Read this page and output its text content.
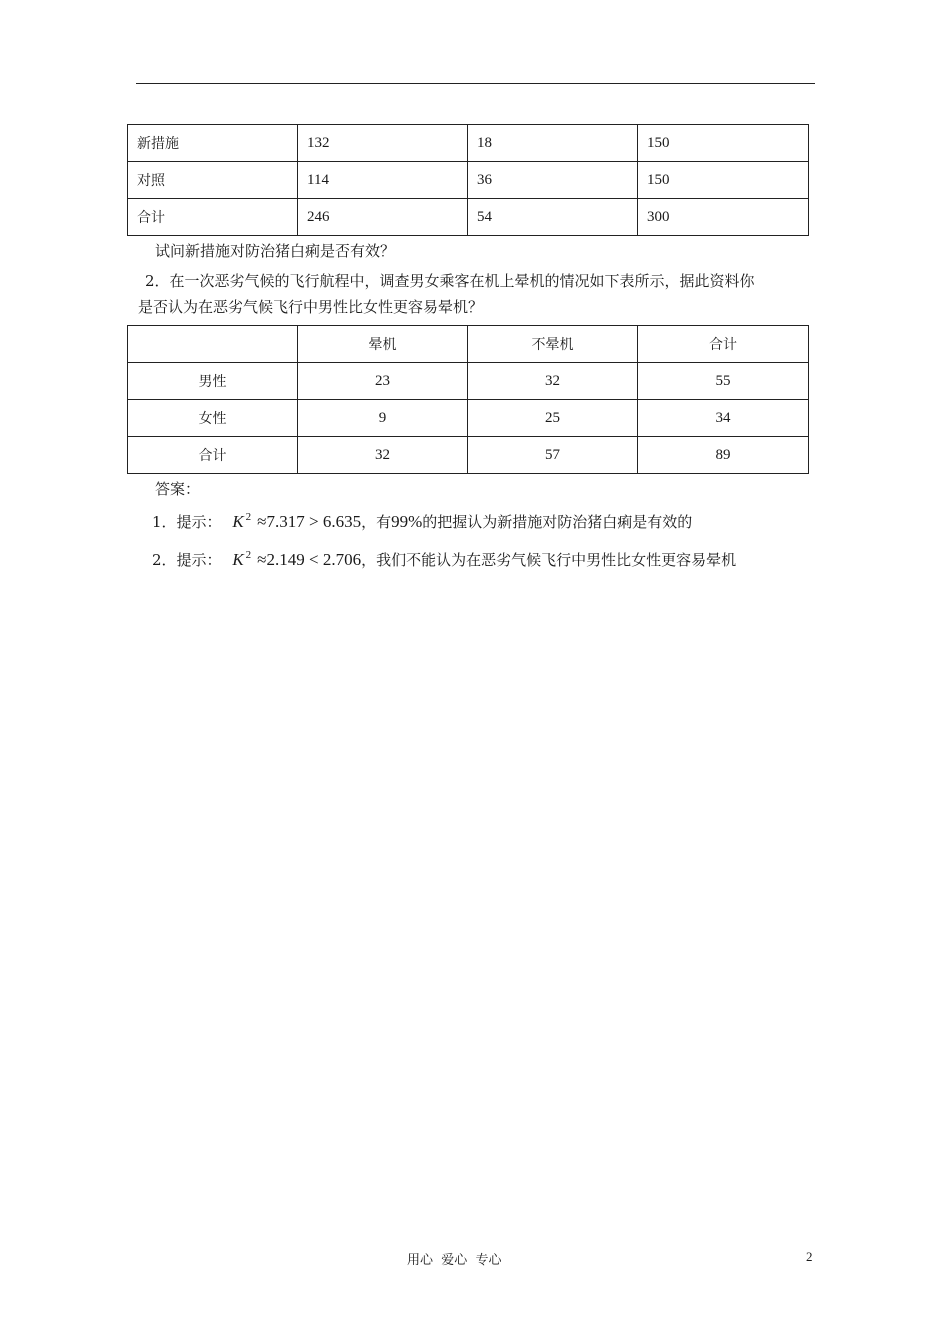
新措施	132	18	150
对照	114	36	150
合计	246	54	300
试问新措施对防治猪白痢是否有效？
2．在一次恶劣气候的飞行航程中，调查男女乘客在机上晕机的情况如下表所示，据此资料你
是否认为在恶劣气候飞行中男性比女性更容易晕机？
	晕机	不晕机	合计
男性	23	32	55
女性	9	25	34
合计	32	57	89
答案：
1．提示： K $^2$ ≈7.317 > 6.635，有99%的把握认为新措施对防治猪白痢是有效的
2．提示： K $^2$ ≈2.149 < 2.706，我们不能认为在恶劣气候飞行中男性比女性更容易晕机
用心  爱心  专心	2
